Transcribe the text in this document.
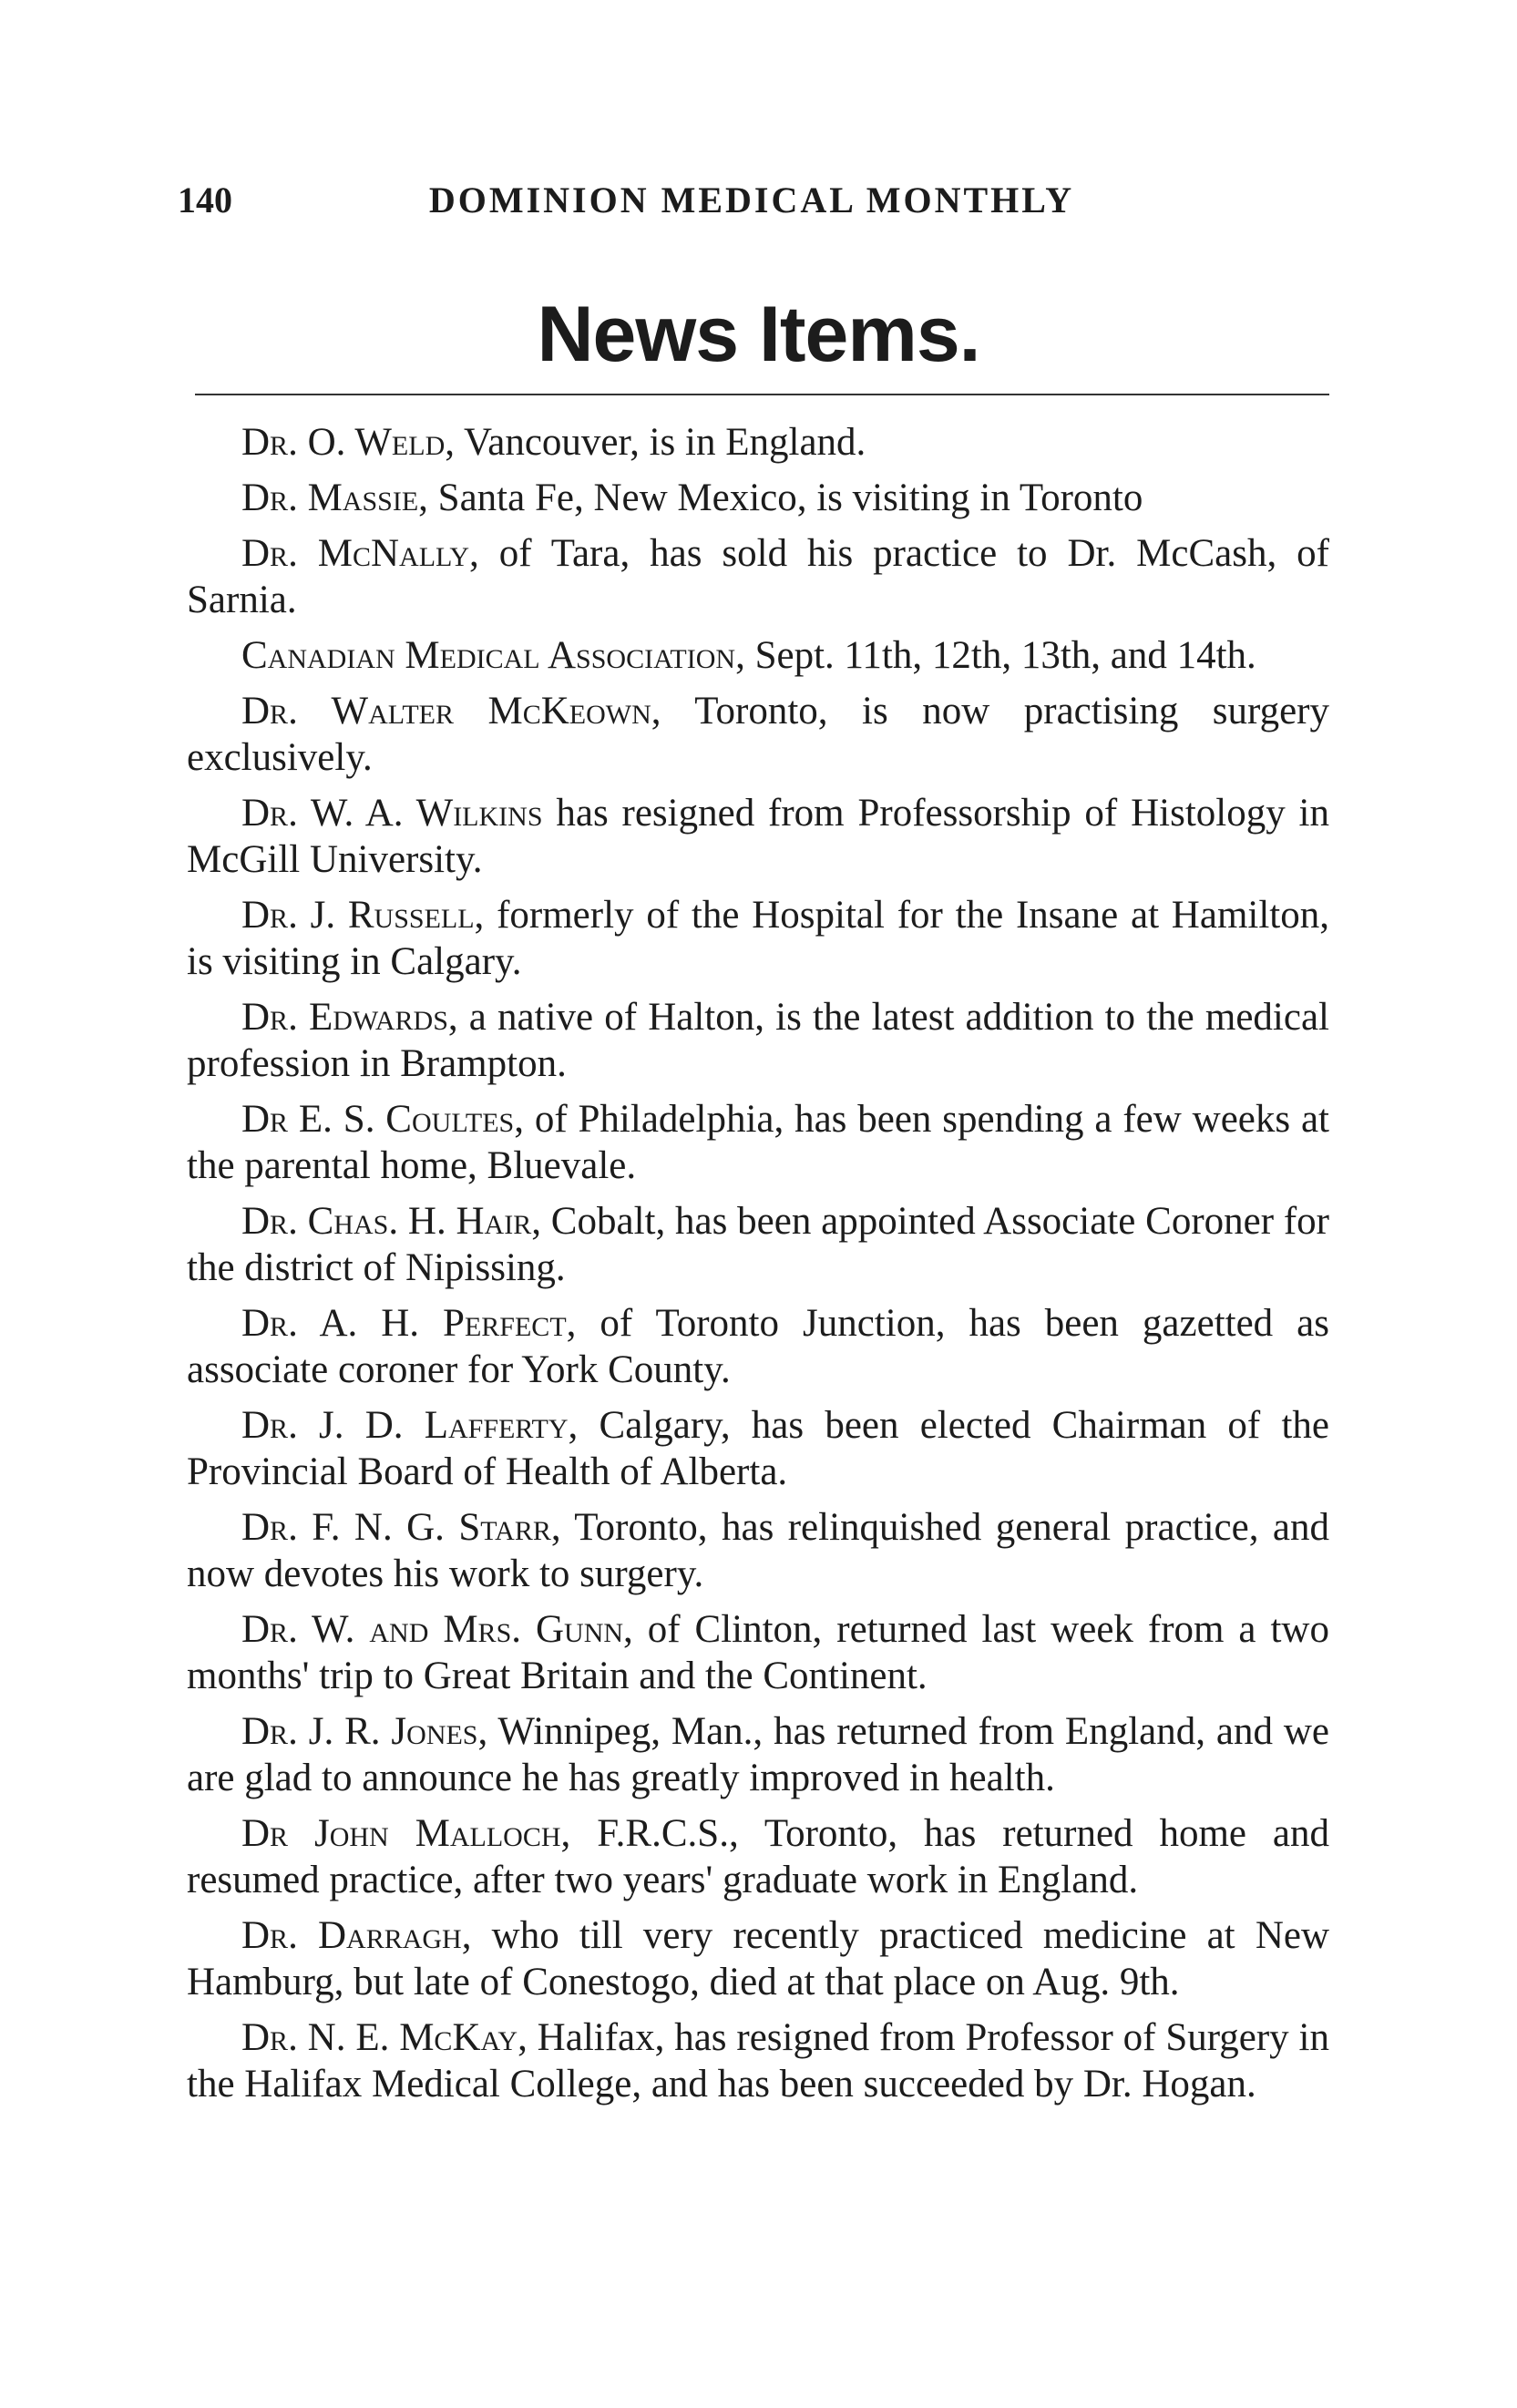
140	DOMINION MEDICAL MONTHLY
News Items.

Dr. O. Weld, Vancouver, is in England.

Dr. Massie, Santa Fe, New Mexico, is visiting in Toronto

Dr. McNally, of Tara, has sold his practice to Dr. McCash, of Sarnia.

Canadian Medical Association, Sept. 11th, 12th, 13th, and 14th.

Dr. Walter McKeown, Toronto, is now practising surgery exclusively.

Dr. W. A. Wilkins has resigned from Professorship of Histology in McGill University.

Dr. J. Russell, formerly of the Hospital for the Insane at Hamilton, is visiting in Calgary.

Dr. Edwards, a native of Halton, is the latest addition to the medical profession in Brampton.

Dr E. S. Coultes, of Philadelphia, has been spending a few weeks at the parental home, Bluevale.

Dr. Chas. H. Hair, Cobalt, has been appointed Associate Coroner for the district of Nipissing.

Dr. A. H. Perfect, of Toronto Junction, has been gazetted as associate coroner for York County.

Dr. J. D. Lafferty, Calgary, has been elected Chairman of the Provincial Board of Health of Alberta.

Dr. F. N. G. Starr, Toronto, has relinquished general practice, and now devotes his work to surgery.

Dr. W. and Mrs. Gunn, of Clinton, returned last week from a two months' trip to Great Britain and the Continent.

Dr. J. R. Jones, Winnipeg, Man., has returned from England, and we are glad to announce he has greatly improved in health.

Dr John Malloch, F.R.C.S., Toronto, has returned home and resumed practice, after two years' graduate work in England.

Dr. Darragh, who till very recently practiced medicine at New Hamburg, but late of Conestogo, died at that place on Aug. 9th.

Dr. N. E. McKay, Halifax, has resigned from Professor of Surgery in the Halifax Medical College, and has been succeeded by Dr. Hogan.
